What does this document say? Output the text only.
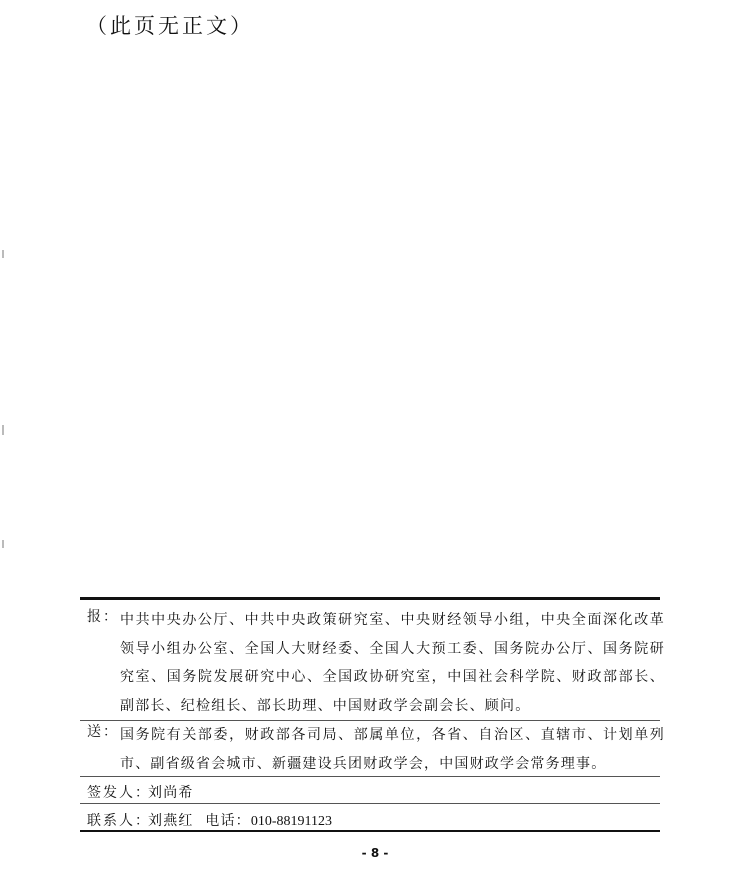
（此页无正文）
报： 中共中央办公厅、中共中央政策研究室、中央财经领导小组，中央全面深化改革领导小组办公室、全国人大财经委、全国人大预工委、国务院办公厅、国务院研究室、国务院发展研究中心、全国政协研究室，中国社会科学院、财政部部长、副部长、纪检组长、部长助理、中国财政学会副会长、顾问。
送： 国务院有关部委，财政部各司局、部属单位，各省、自治区、直辖市、计划单列市、副省级省会城市、新疆建设兵团财政学会，中国财政学会常务理事。
签发人：
刘尚希
联系人：
刘燕红 电话：010-88191123
- 8 -
